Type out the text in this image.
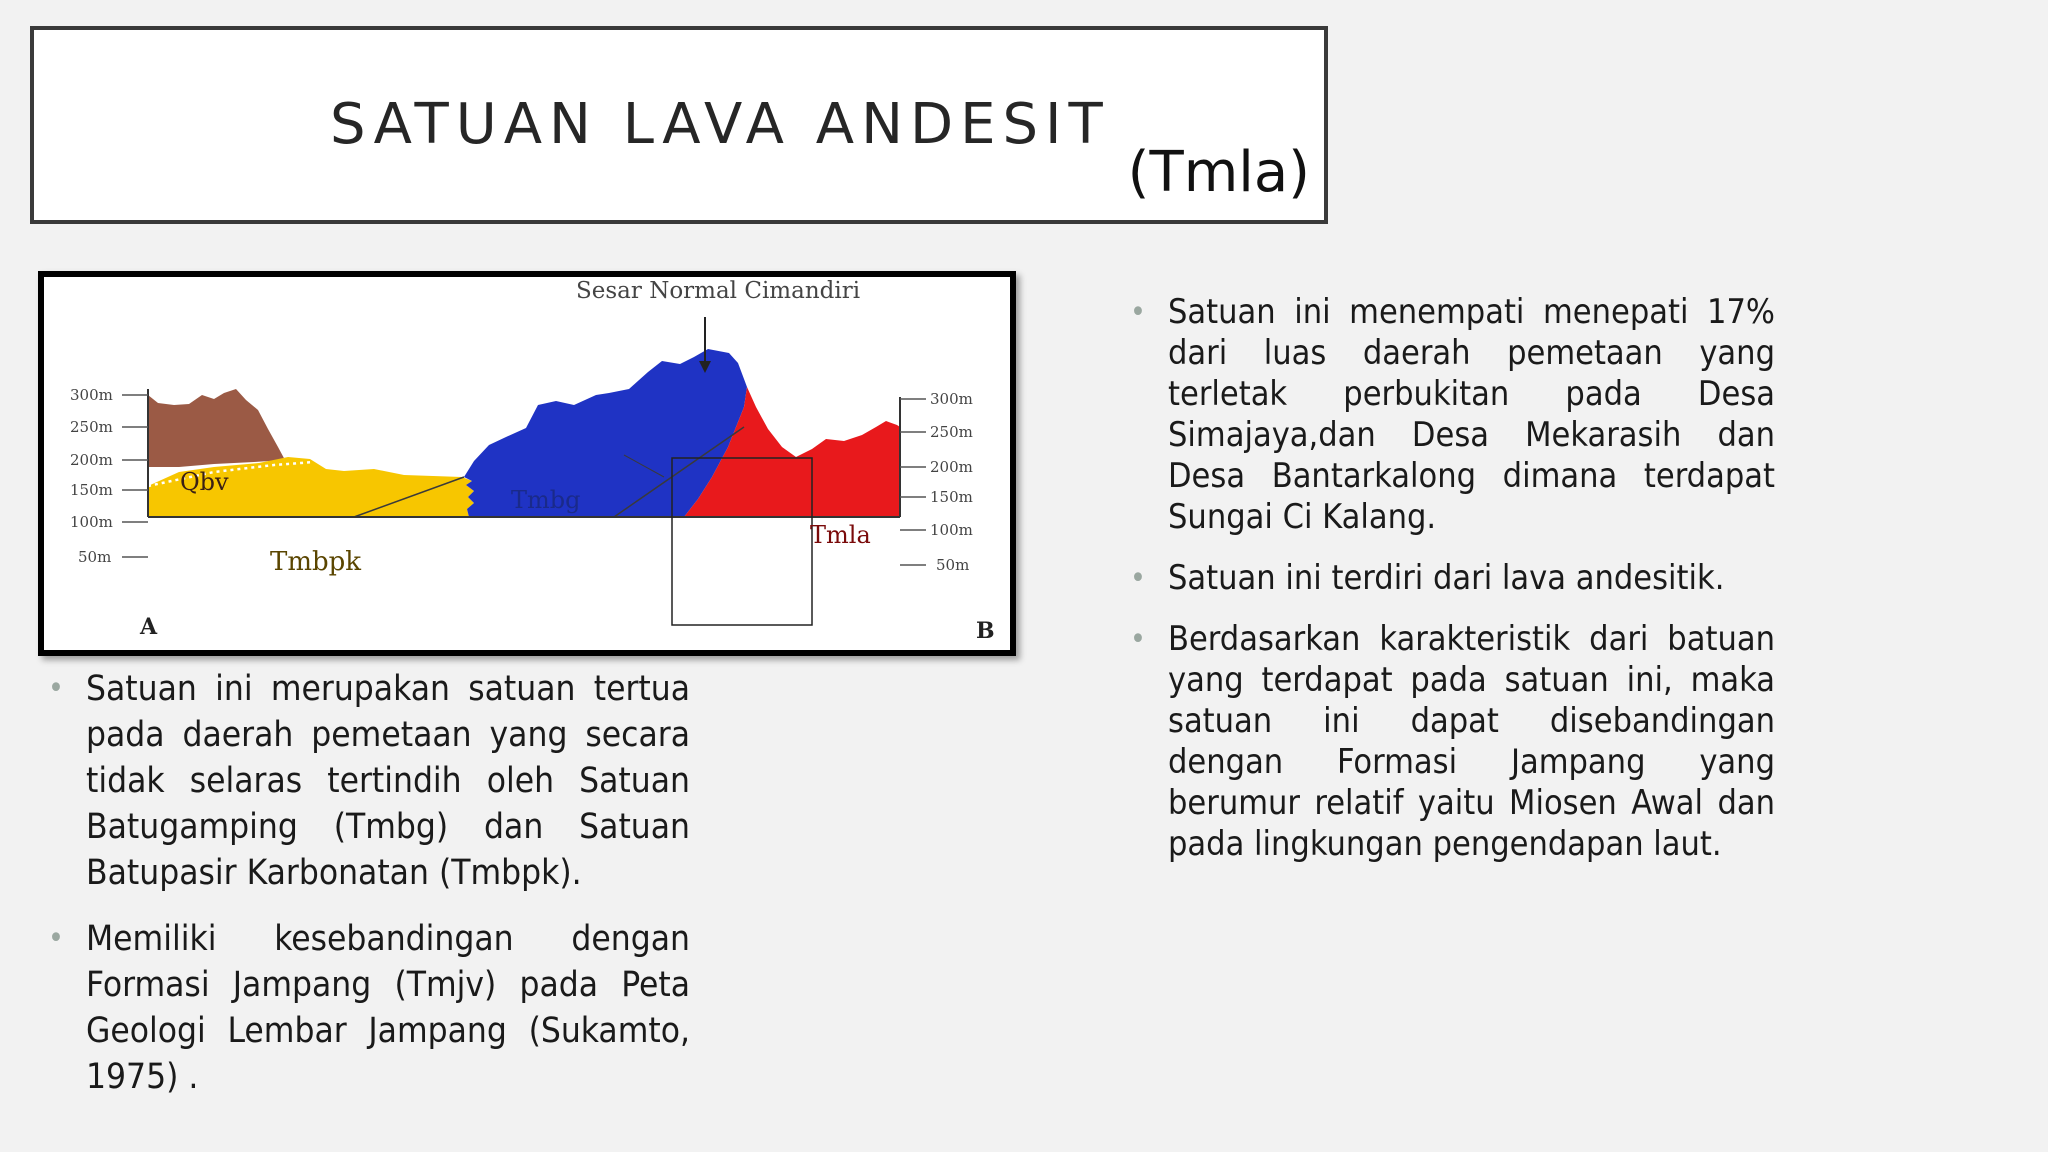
SATUAN LAVA ANDESIT
(Tmla)
300m
250m
200m
150m
100m
50m
300m
250m
200m
150m
100m
50m
Sesar Normal Cimandiri
Qbv
Tmbpk
Tmbg
Tmla
A	B
• Satuan ini merupakan satuan tertua pada daerah pemetaan yang secara tidak selaras tertindih oleh Satuan Batugamping (Tmbg) dan Satuan Batupasir Karbonatan (Tmbpk).
• Memiliki kesebandingan dengan Formasi Jampang (Tmjv) pada Peta Geologi Lembar Jampang (Sukamto, 1975) .
• Satuan ini menempati menepati 17% dari luas daerah pemetaan yang terletak perbukitan pada Desa Simajaya,dan Desa Mekarasih dan Desa Bantarkalong dimana terdapat Sungai Ci Kalang.
• Satuan ini terdiri dari lava andesitik.
• Berdasarkan karakteristik dari batuan yang terdapat pada satuan ini, maka satuan ini dapat disebandingan dengan Formasi Jampang yang berumur relatif yaitu Miosen Awal dan pada lingkungan pengendapan laut.
